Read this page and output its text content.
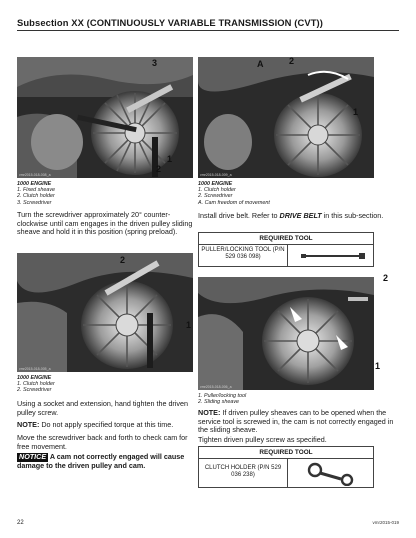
Subsection XX (CONTINUOUSLY VARIABLE TRANSMISSION (CVT))
vmr2015-018-008_a
3
1
2
1000 ENGINE
1. Fixed sheave
2. Clutch holder
3. Screwdriver
Turn the screwdriver approximately 20° counter-clockwise until cam engages in the driven pulley sliding sheave and hold it in this position (spring preload).
vmr2015-018-005_a
2
1
1000 ENGINE
1. Clutch holder
2. Screwdriver
Using a socket and extension, hand tighten the driven pulley screw.
NOTE: Do not apply specified torque at this time.
Move the screwdriver back and forth to check cam for free movement.
NOTICE A cam not correctly engaged will cause damage to the driven pulley and cam.
vmr2015-018-009_a
A	2
1
1000 ENGINE
1. Clutch holder
2. Screwdriver
A. Cam freedom of movement
Install drive belt. Refer to DRIVE BELT in this sub-section.
REQUIRED TOOL
PULLER/LOCKING TOOL (P/N 529 036 098)
vmr2015-018-006_a
2
1
1. Puller/locking tool
2. Sliding sheave
NOTE: If driven pulley sheaves can to be opened when the service tool is screwed in, the cam is not correctly engaged in the sliding sheave.
Tighten driven pulley screw as specified.
REQUIRED TOOL
CLUTCH HOLDER (P/N 529 036 238)
22	vmr2015-019
